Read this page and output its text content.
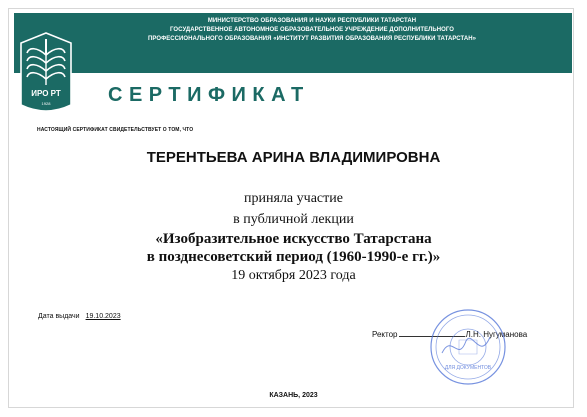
МИНИСТЕРСТВО ОБРАЗОВАНИЯ И НАУКИ РЕСПУБЛИКИ ТАТАРСТАН
ГОСУДАРСТВЕННОЕ АВТОНОМНОЕ ОБРАЗОВАТЕЛЬНОЕ УЧРЕЖДЕНИЕ ДОПОЛНИТЕЛЬНОГО
ПРОФЕССИОНАЛЬНОГО ОБРАЗОВАНИЯ «ИНСТИТУТ РАЗВИТИЯ ОБРАЗОВАНИЯ РЕСПУБЛИКИ ТАТАРСТАН»
ИРО РТ
1928	СЕРТИФИКАТ
НАСТОЯЩИЙ СЕРТИФИКАТ СВИДЕТЕЛЬСТВУЕТ О ТОМ, ЧТО
ТЕРЕНТЬЕВА АРИНА ВЛАДИМИРОВНА
приняла участие
в публичной лекции
«Изобразительное искусство Татарстана
в позднесоветский период (1960-1990-е гг.)»
19 октября 2023 года
Дата выдачи 19.10.2023
Ректор	Л.Н. Нугуманова
ДЛЯ ДОКУМЕНТОВ
КАЗАНЬ, 2023
